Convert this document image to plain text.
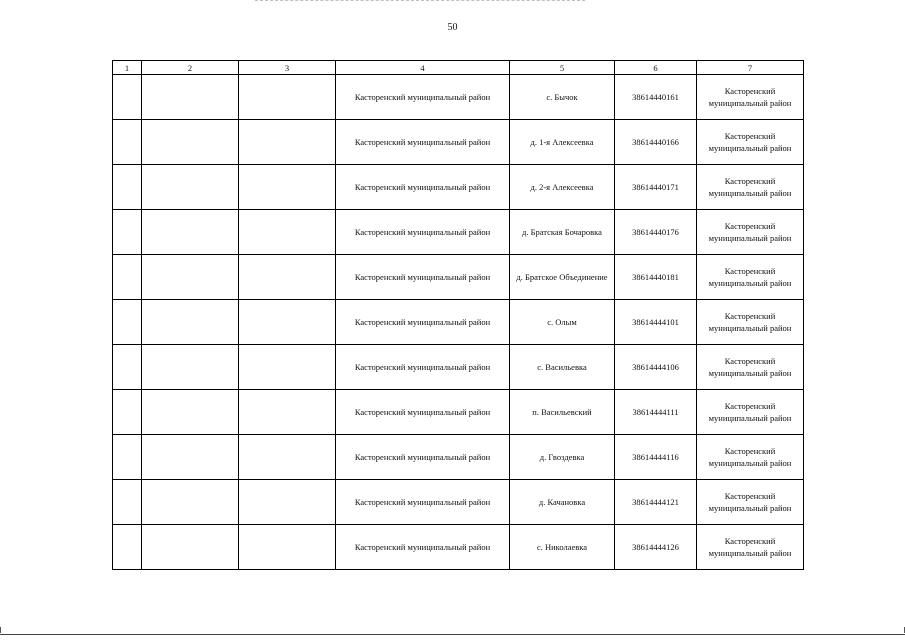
50
1	2	3	4	5	6	7
			Касторенский муниципальный район	с. Бычок	38614440161	Касторенский муниципальный район
			Касторенский муниципальный район	д. 1-я Алексеевка	38614440166	Касторенский муниципальный район
			Касторенский муниципальный район	д. 2-я Алексеевка	38614440171	Касторенский муниципальный район
			Касторенский муниципальный район	д. Братская Бочаровка	38614440176	Касторенский муниципальный район
			Касторенский муниципальный район	д. Братское Объединение	38614440181	Касторенский муниципальный район
			Касторенский муниципальный район	с. Олым	38614444101	Касторенский муниципальный район
			Касторенский муниципальный район	с. Васильевка	38614444106	Касторенский муниципальный район
			Касторенский муниципальный район	п. Васильевский	38614444111	Касторенский муниципальный район
			Касторенский муниципальный район	д. Гвоздевка	38614444116	Касторенский муниципальный район
			Касторенский муниципальный район	д. Качановка	38614444121	Касторенский муниципальный район
			Касторенский муниципальный район	с. Николаевка	38614444126	Касторенский муниципальный район
